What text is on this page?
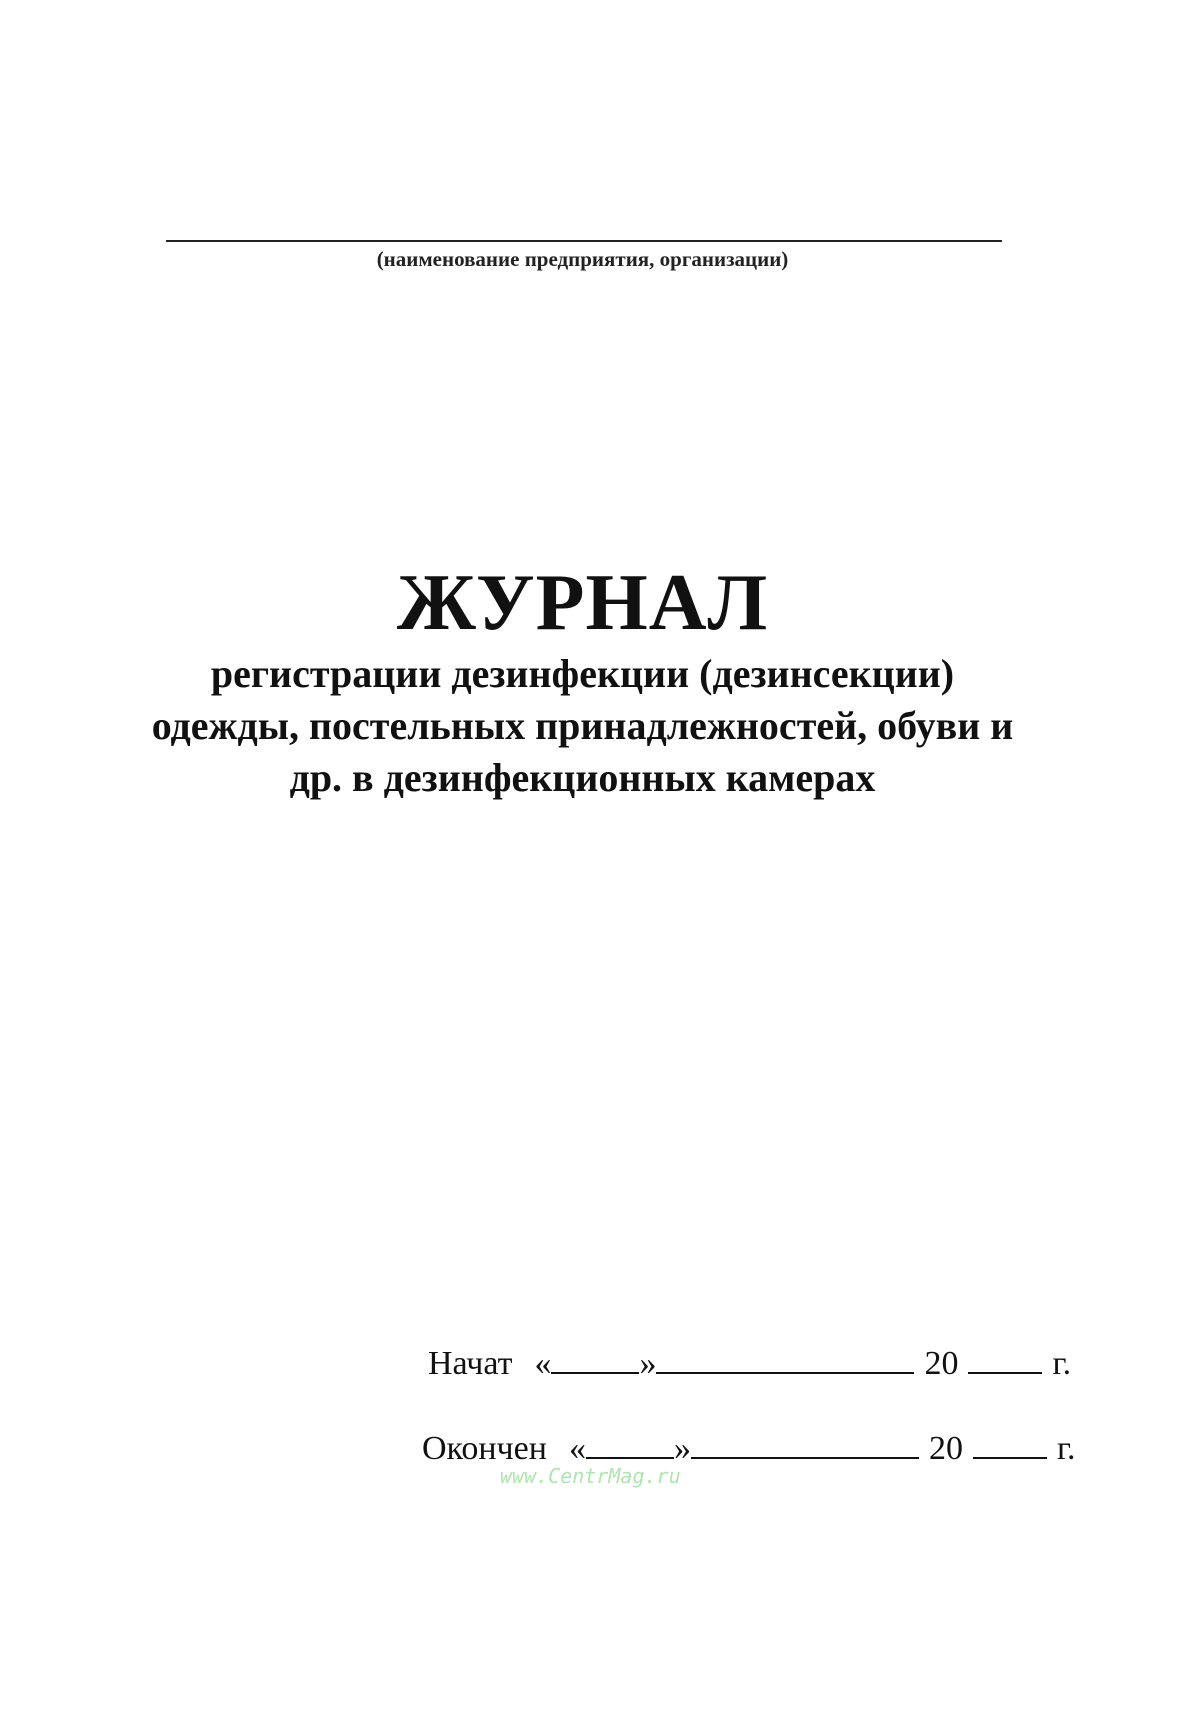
(наименование предприятия, организации)
ЖУРНАЛ
регистрации дезинфекции (дезинсекции)
одежды, постельных принадлежностей, обуви и
др. в дезинфекционных камерах
Начат «	»	20	г.
Окончен «	»	20	г.
www.CentrMag.ru
